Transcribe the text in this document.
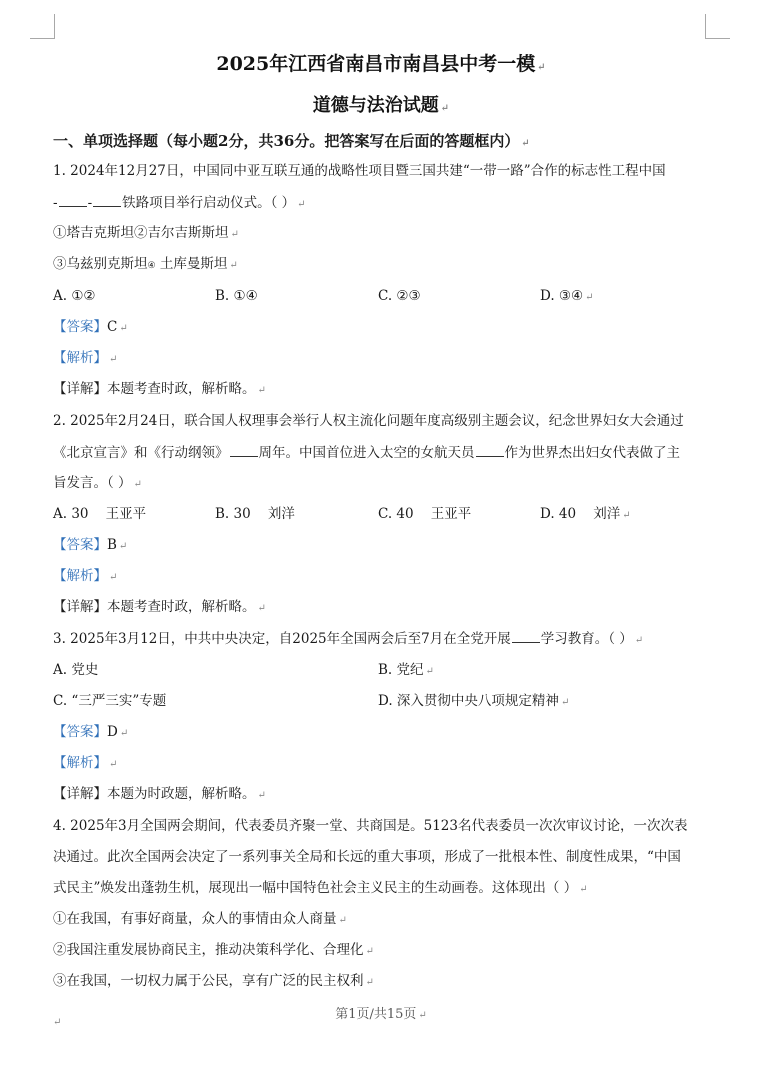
2025年江西省南昌市南昌县中考一模 ↵
道德与法治试题 ↵
一、单项选择题（每小题2分，共36分。把答案写在后面的答题框内） ↵
1. 2024年12月27日，中国同中亚互联互通的战略性项目暨三国共建“一带一路”合作的标志性工程中国
- - 铁路项目举行启动仪式。（ ） ↵
①塔吉克斯坦②吉尔吉斯斯坦 ↵
③乌兹别克斯坦④ 土库曼斯坦 ↵
A. ①②	B. ①④	C. ②③	D. ③④ ↵
【答案】C ↵
【解析】 ↵
【详解】本题考查时政，解析略。 ↵
2. 2025年2月24日，联合国人权理事会举行人权主流化问题年度高级别主题会议，纪念世界妇女大会通过
《北京宣言》和《行动纲领》 周年。中国首位进入太空的女航天员 作为世界杰出妇女代表做了主
旨发言。（ ） ↵
A. 30    王亚平	B. 30    刘洋	C. 40    王亚平	D. 40    刘洋 ↵
【答案】B ↵
【解析】 ↵
【详解】本题考查时政，解析略。 ↵
3. 2025年3月12日，中共中央决定，自2025年全国两会后至7月在全党开展 学习教育。（ ） ↵
A. 党史	B. 党纪 ↵
C. “三严三实”专题	D. 深入贯彻中央八项规定精神 ↵
【答案】D ↵
【解析】 ↵
【详解】本题为时政题，解析略。 ↵
4. 2025年3月全国两会期间，代表委员齐聚一堂、共商国是。5123名代表委员一次次审议讨论，一次次表
决通过。此次全国两会决定了一系列事关全局和长远的重大事项，形成了一批根本性、制度性成果，“中国
式民主”焕发出蓬勃生机，展现出一幅中国特色社会主义民主的生动画卷。这体现出（ ） ↵
①在我国，有事好商量，众人的事情由众人商量 ↵
②我国注重发展协商民主，推动决策科学化、合理化 ↵
③在我国，一切权力属于公民，享有广泛的民主权利 ↵
第1页/共15页 ↵
↵
